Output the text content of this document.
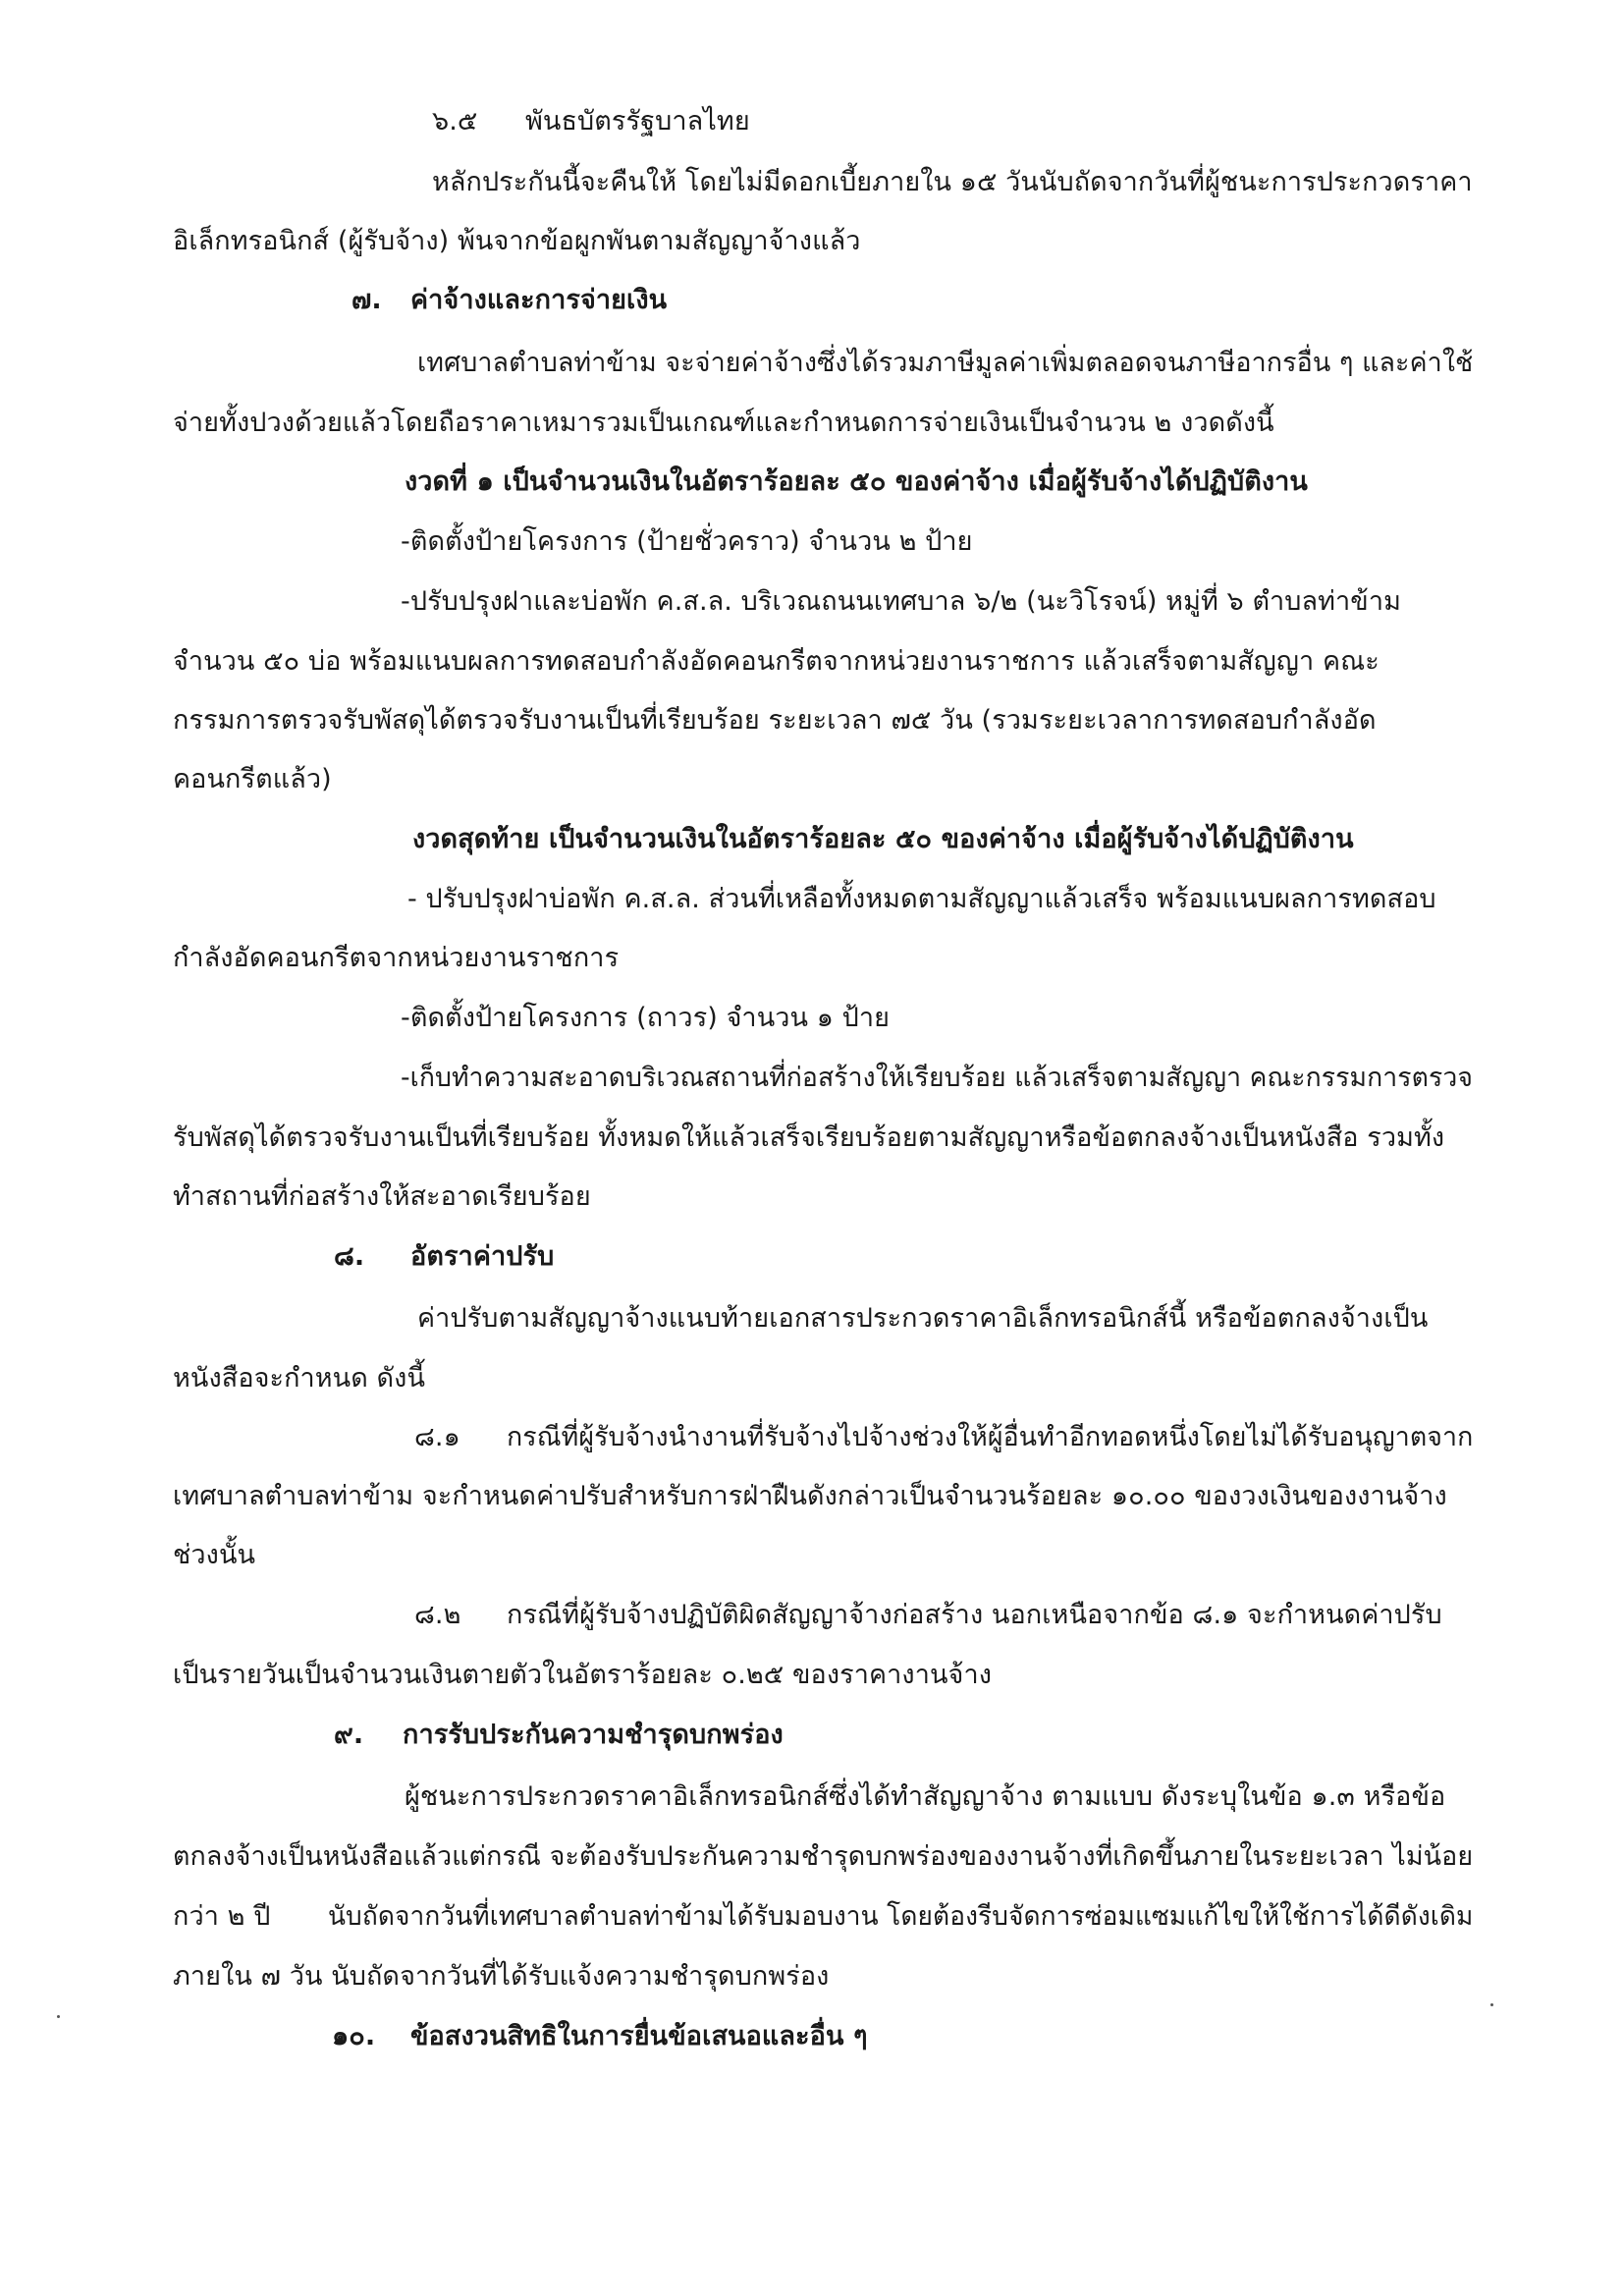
๖.๕ พันธบัตรรัฐบาลไทย
หลักประกันนี้จะคืนให้ โดยไม่มีดอกเบี้ยภายใน ๑๕ วันนับถัดจากวันที่ผู้ชนะการประกวดราคา
อิเล็กทรอนิกส์ (ผู้รับจ้าง) พ้นจากข้อผูกพันตามสัญญาจ้างแล้ว
๗. ค่าจ้างและการจ่ายเงิน
เทศบาลตำบลท่าข้าม จะจ่ายค่าจ้างซึ่งได้รวมภาษีมูลค่าเพิ่มตลอดจนภาษีอากรอื่น ๆ และค่าใช้
จ่ายทั้งปวงด้วยแล้วโดยถือราคาเหมารวมเป็นเกณฑ์และกำหนดการจ่ายเงินเป็นจำนวน ๒ งวดดังนี้
งวดที่ ๑ เป็นจำนวนเงินในอัตราร้อยละ ๕๐ ของค่าจ้าง เมื่อผู้รับจ้างได้ปฏิบัติงาน
-ติดตั้งป้ายโครงการ (ป้ายชั่วคราว) จำนวน ๒ ป้าย
-ปรับปรุงฝาและบ่อพัก ค.ส.ล. บริเวณถนนเทศบาล ๖/๒ (นะวิโรจน์) หมู่ที่ ๖ ตำบลท่าข้าม
จำนวน ๕๐ บ่อ พร้อมแนบผลการทดสอบกำลังอัดคอนกรีตจากหน่วยงานราชการ แล้วเสร็จตามสัญญา คณะ
กรรมการตรวจรับพัสดุได้ตรวจรับงานเป็นที่เรียบร้อย ระยะเวลา ๗๕ วัน (รวมระยะเวลาการทดสอบกำลังอัด
คอนกรีตแล้ว)
งวดสุดท้าย เป็นจำนวนเงินในอัตราร้อยละ ๕๐ ของค่าจ้าง เมื่อผู้รับจ้างได้ปฏิบัติงาน
- ปรับปรุงฝาบ่อพัก ค.ส.ล. ส่วนที่เหลือทั้งหมดตามสัญญาแล้วเสร็จ พร้อมแนบผลการทดสอบ
กำลังอัดคอนกรีตจากหน่วยงานราชการ
-ติดตั้งป้ายโครงการ (ถาวร) จำนวน ๑ ป้าย
-เก็บทำความสะอาดบริเวณสถานที่ก่อสร้างให้เรียบร้อย แล้วเสร็จตามสัญญา คณะกรรมการตรวจ
รับพัสดุได้ตรวจรับงานเป็นที่เรียบร้อย ทั้งหมดให้แล้วเสร็จเรียบร้อยตามสัญญาหรือข้อตกลงจ้างเป็นหนังสือ รวมทั้ง
ทำสถานที่ก่อสร้างให้สะอาดเรียบร้อย
๘. อัตราค่าปรับ
ค่าปรับตามสัญญาจ้างแนบท้ายเอกสารประกวดราคาอิเล็กทรอนิกส์นี้ หรือข้อตกลงจ้างเป็น
หนังสือจะกำหนด ดังนี้
๘.๑ กรณีที่ผู้รับจ้างนำงานที่รับจ้างไปจ้างช่วงให้ผู้อื่นทำอีกทอดหนึ่งโดยไม่ได้รับอนุญาตจาก
เทศบาลตำบลท่าข้าม จะกำหนดค่าปรับสำหรับการฝ่าฝืนดังกล่าวเป็นจำนวนร้อยละ ๑๐.๐๐ ของวงเงินของงานจ้าง
ช่วงนั้น
๘.๒ กรณีที่ผู้รับจ้างปฏิบัติผิดสัญญาจ้างก่อสร้าง นอกเหนือจากข้อ ๘.๑ จะกำหนดค่าปรับ
เป็นรายวันเป็นจำนวนเงินตายตัวในอัตราร้อยละ ๐.๒๕ ของราคางานจ้าง
๙. การรับประกันความชำรุดบกพร่อง
ผู้ชนะการประกวดราคาอิเล็กทรอนิกส์ซึ่งได้ทำสัญญาจ้าง ตามแบบ ดังระบุในข้อ ๑.๓ หรือข้อ
ตกลงจ้างเป็นหนังสือแล้วแต่กรณี จะต้องรับประกันความชำรุดบกพร่องของงานจ้างที่เกิดขึ้นภายในระยะเวลา ไม่น้อย
กว่า ๒ ปี นับถัดจากวันที่เทศบาลตำบลท่าข้ามได้รับมอบงาน โดยต้องรีบจัดการซ่อมแซมแก้ไขให้ใช้การได้ดีดังเดิม
ภายใน ๗ วัน นับถัดจากวันที่ได้รับแจ้งความชำรุดบกพร่อง
๑๐. ข้อสงวนสิทธิในการยื่นข้อเสนอและอื่น ๆ
